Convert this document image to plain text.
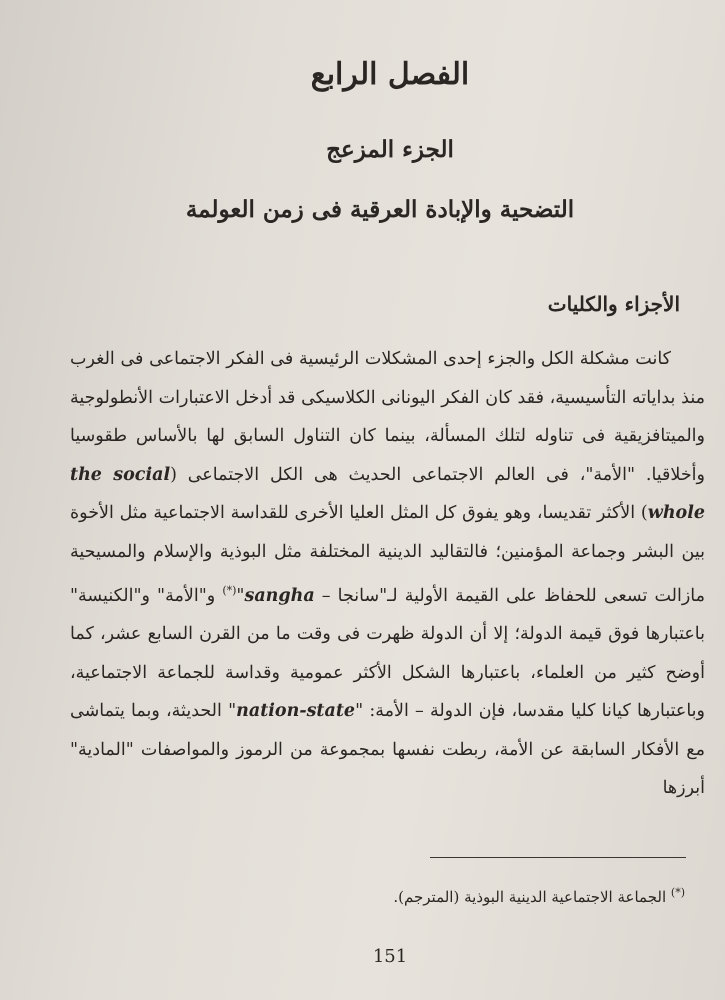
الفصل الرابع
الجزء المزعج
التضحية والإبادة العرقية فى زمن العولمة
الأجزاء والكليات

كانت مشكلة الكل والجزء إحدى المشكلات الرئيسية فى الفكر الاجتماعى فى الغرب منذ بداياته التأسيسية، فقد كان الفكر اليونانى الكلاسيكى قد أدخل الاعتبارات الأنطولوجية والميتافزيقية فى تناوله لتلك المسألة، بينما كان التناول السابق لها بالأساس طقوسيا وأخلاقيا. "الأمة"، فى العالم الاجتماعى الحديث هى الكل الاجتماعى (the social whole) الأكثر تقديسا، وهو يفوق كل المثل العليا الأخرى للقداسة الاجتماعية مثل الأخوة بين البشر وجماعة المؤمنين؛ فالتقاليد الدينية المختلفة مثل البوذية والإسلام والمسيحية مازالت تسعى للحفاظ على القيمة الأولية لـ"سانجا – sangha"(*) و"الأمة" و"الكنيسة" باعتبارها فوق قيمة الدولة؛ إلا أن الدولة ظهرت فى وقت ما من القرن السابع عشر، كما أوضح كثير من العلماء، باعتبارها الشكل الأكثر عمومية وقداسة للجماعة الاجتماعية، وباعتبارها كيانا كليا مقدسا، فإن الدولة – الأمة: "nation-state" الحديثة، وبما يتماشى مع الأفكار السابقة عن الأمة، ربطت نفسها بمجموعة من الرموز والمواصفات "المادية" أبرزها

(*) الجماعة الاجتماعية الدينية البوذية (المترجم).

151
